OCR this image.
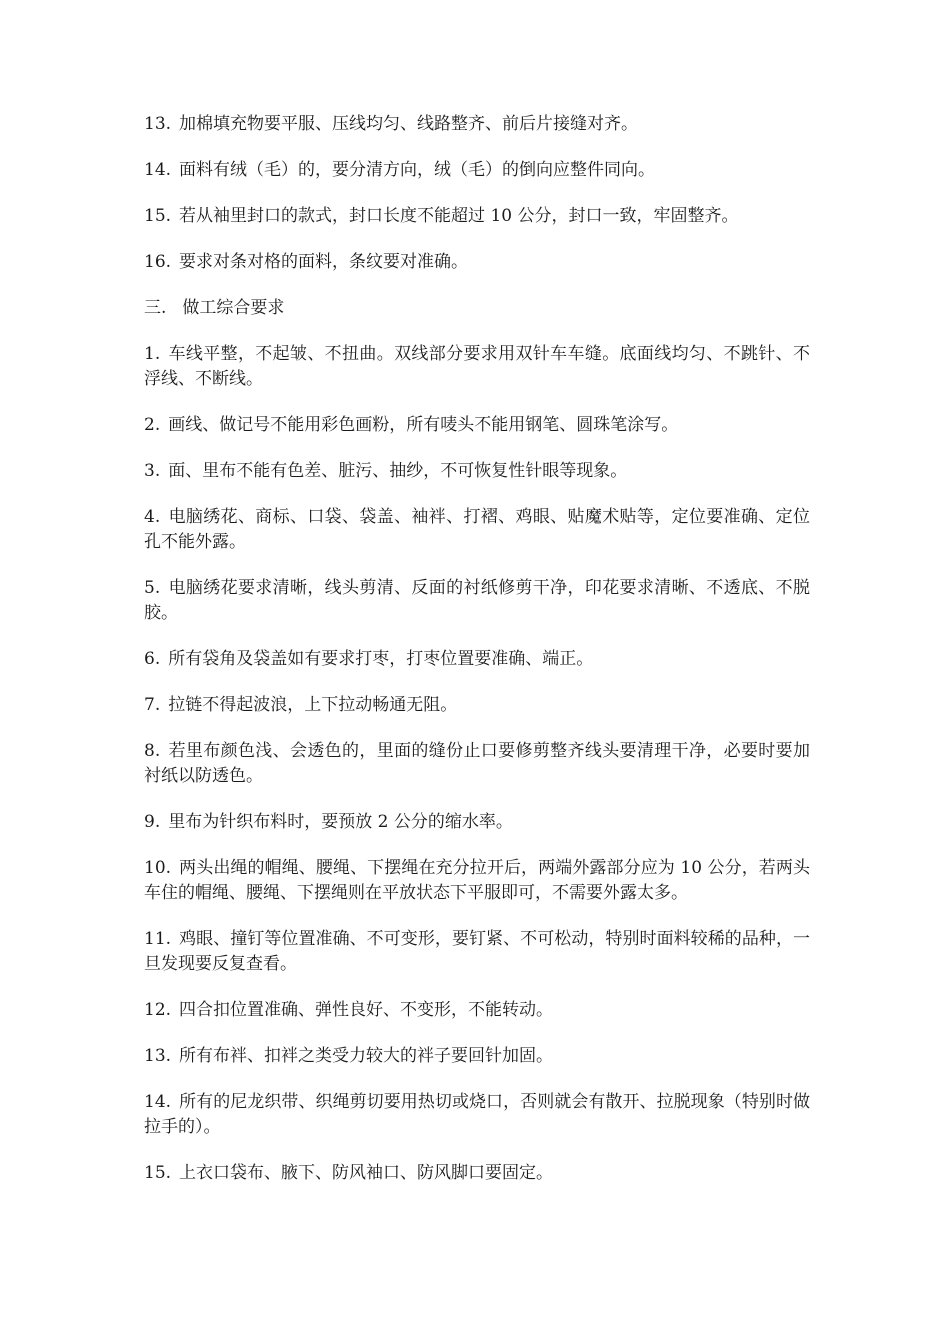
13. 加棉填充物要平服、压线均匀、线路整齐、前后片接缝对齐。

14. 面料有绒（毛）的，要分清方向，绒（毛）的倒向应整件同向。

15. 若从袖里封口的款式，封口长度不能超过 10 公分，封口一致，牢固整齐。

16. 要求对条对格的面料，条纹要对准确。

三. 做工综合要求

1. 车线平整，不起皱、不扭曲。双线部分要求用双针车车缝。底面线均匀、不跳针、不浮线、不断线。

2. 画线、做记号不能用彩色画粉，所有唛头不能用钢笔、圆珠笔涂写。

3. 面、里布不能有色差、脏污、抽纱，不可恢复性针眼等现象。

4. 电脑绣花、商标、口袋、袋盖、袖袢、打褶、鸡眼、贴魔术贴等，定位要准确、定位孔不能外露。

5. 电脑绣花要求清晰，线头剪清、反面的衬纸修剪干净，印花要求清晰、不透底、不脱胶。

6. 所有袋角及袋盖如有要求打枣，打枣位置要准确、端正。

7. 拉链不得起波浪，上下拉动畅通无阻。

8. 若里布颜色浅、会透色的，里面的缝份止口要修剪整齐线头要清理干净，必要时要加衬纸以防透色。

9. 里布为针织布料时，要预放 2 公分的缩水率。

10. 两头出绳的帽绳、腰绳、下摆绳在充分拉开后，两端外露部分应为 10 公分，若两头车住的帽绳、腰绳、下摆绳则在平放状态下平服即可，不需要外露太多。

11. 鸡眼、撞钉等位置准确、不可变形，要钉紧、不可松动，特别时面料较稀的品种，一旦发现要反复查看。

12. 四合扣位置准确、弹性良好、不变形，不能转动。

13. 所有布袢、扣袢之类受力较大的袢子要回针加固。

14. 所有的尼龙织带、织绳剪切要用热切或烧口，否则就会有散开、拉脱现象（特别时做拉手的）。

15. 上衣口袋布、腋下、防风袖口、防风脚口要固定。
